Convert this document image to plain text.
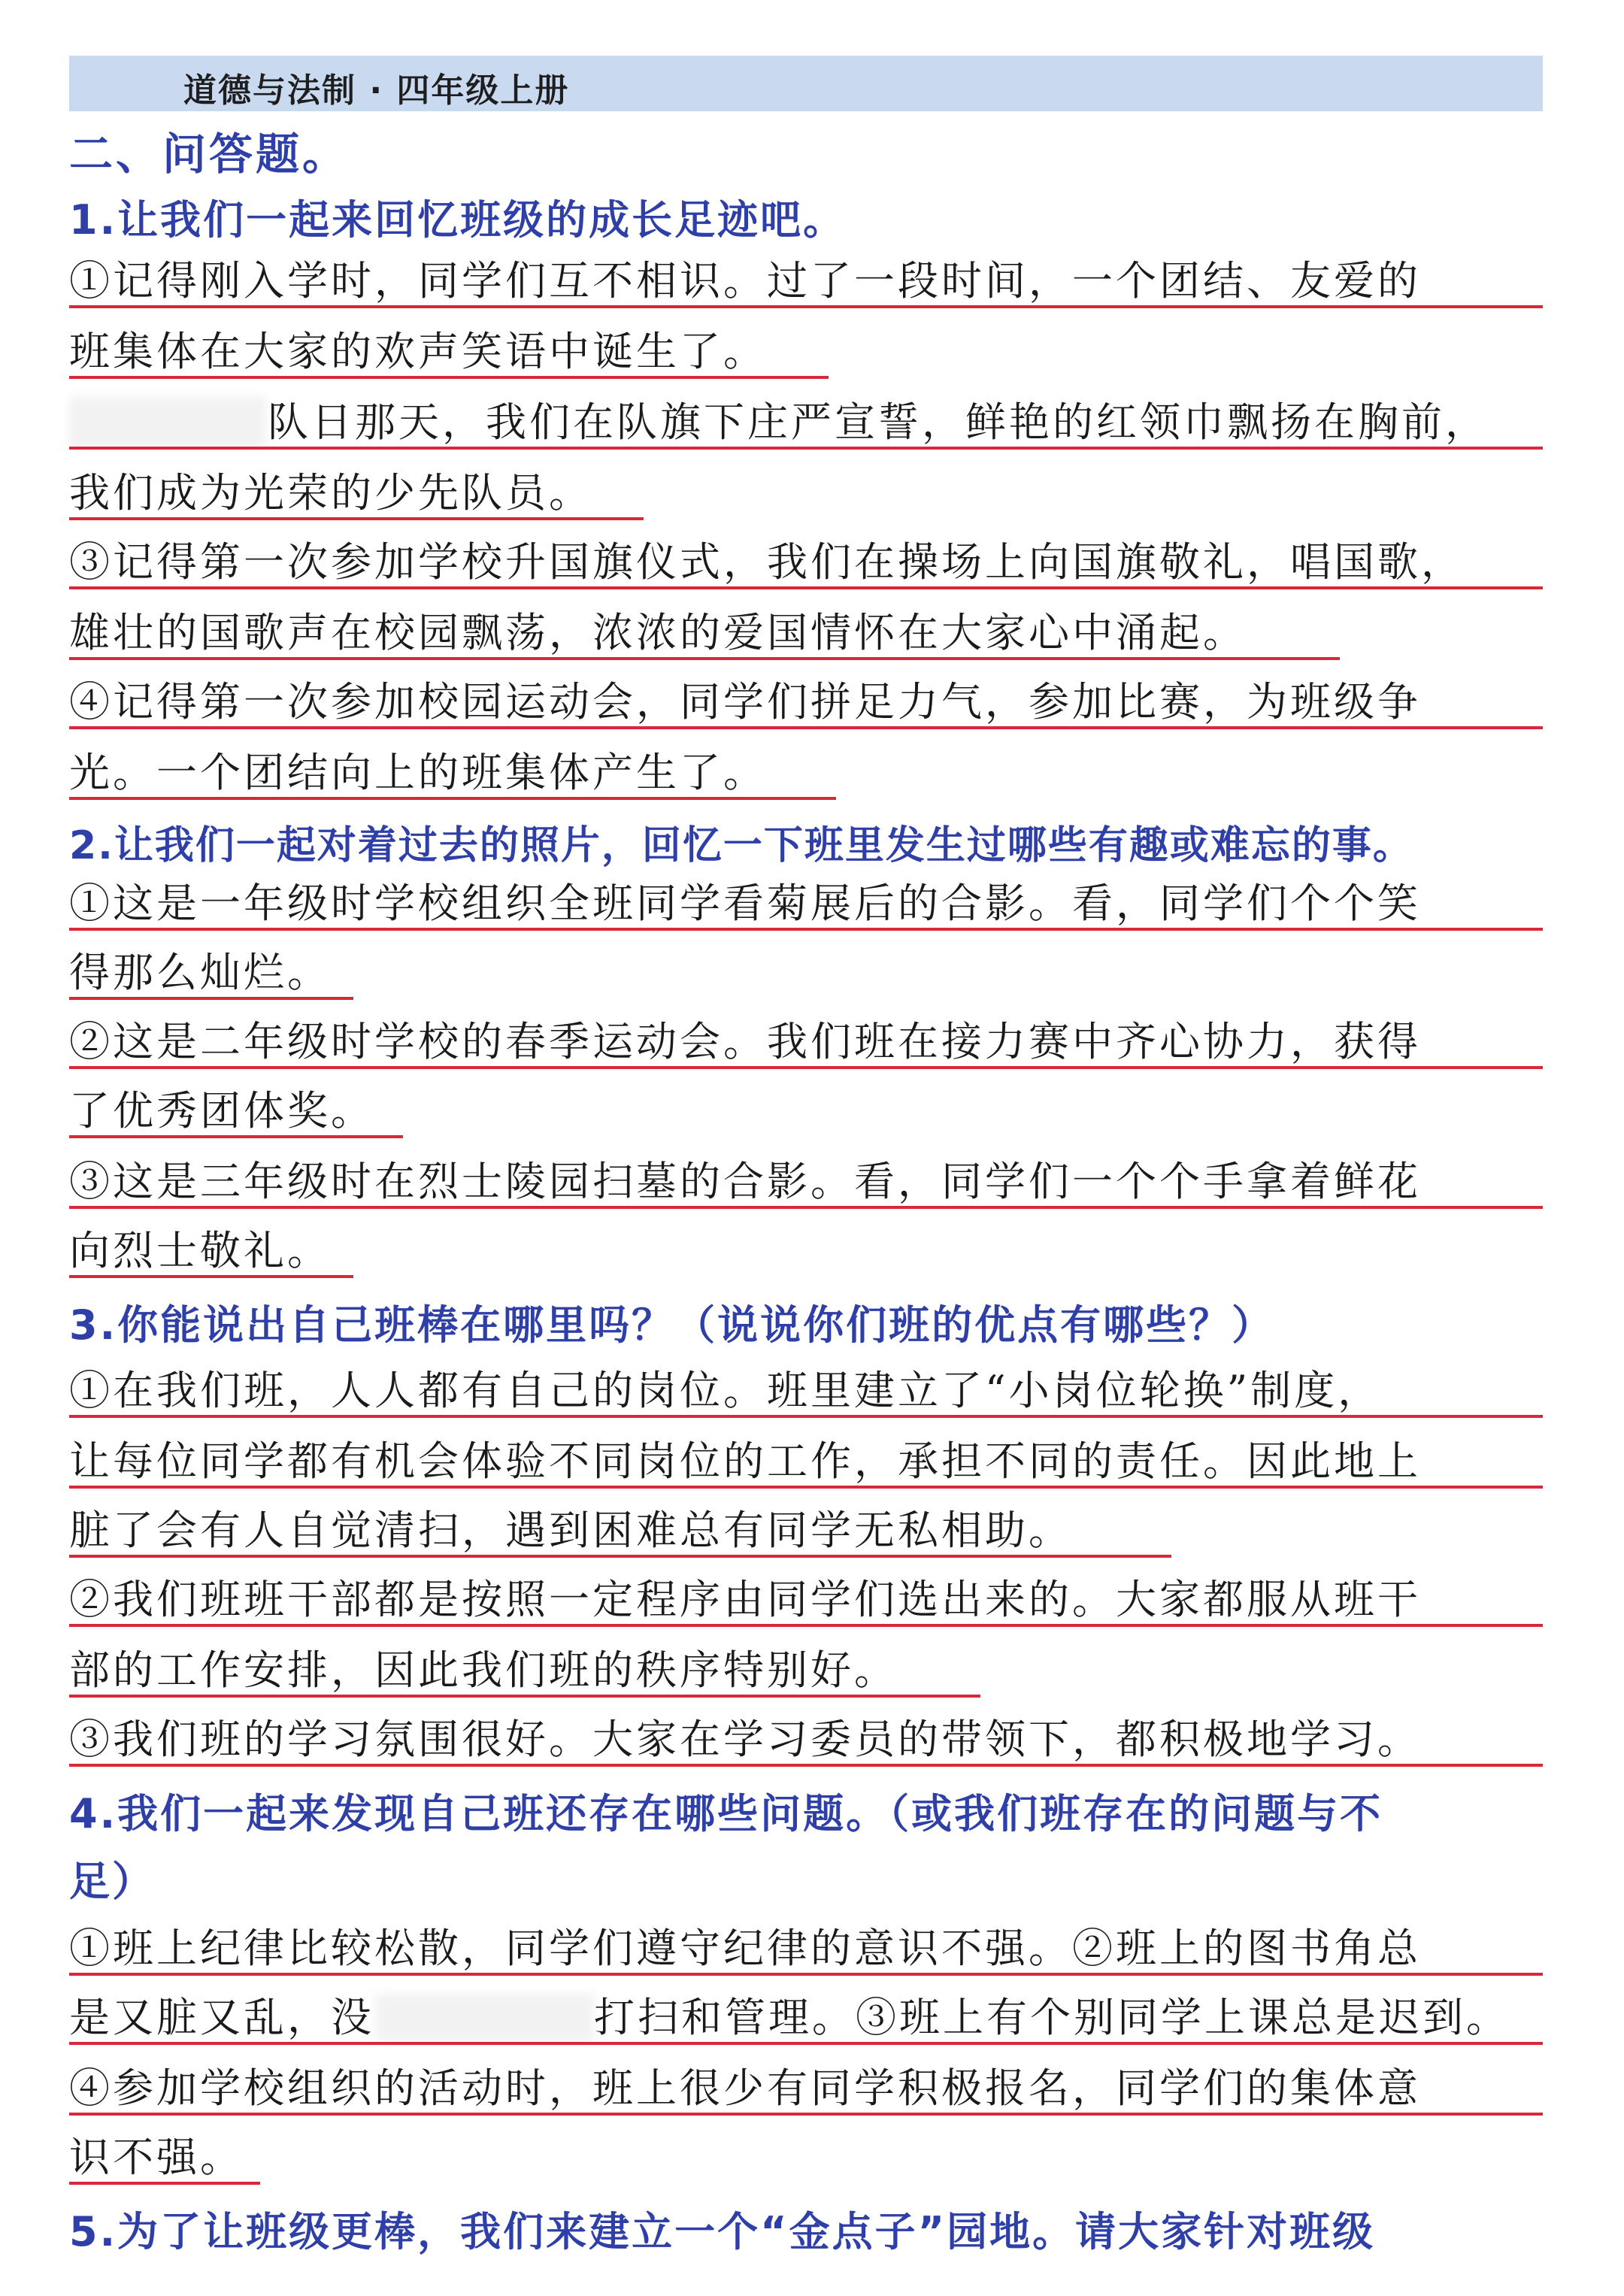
道德与法制 · 四年级上册
二、问答题。
1.让我们一起来回忆班级的成长足迹吧。
①记得刚入学时，同学们互不相识。过了一段时间，一个团结、友爱的
班集体在大家的欢声笑语中诞生了。
队日那天，我们在队旗下庄严宣誓，鲜艳的红领巾飘扬在胸前，
我们成为光荣的少先队员。
③记得第一次参加学校升国旗仪式，我们在操场上向国旗敬礼，唱国歌，
雄壮的国歌声在校园飘荡，浓浓的爱国情怀在大家心中涌起。
④记得第一次参加校园运动会，同学们拼足力气，参加比赛，为班级争
光。一个团结向上的班集体产生了。
2.让我们一起对着过去的照片，回忆一下班里发生过哪些有趣或难忘的事。
①这是一年级时学校组织全班同学看菊展后的合影。看，同学们个个笑
得那么灿烂。
②这是二年级时学校的春季运动会。我们班在接力赛中齐心协力，获得
了优秀团体奖。
③这是三年级时在烈士陵园扫墓的合影。看，同学们一个个手拿着鲜花
向烈士敬礼。
3.你能说出自己班棒在哪里吗？（说说你们班的优点有哪些？）
①在我们班，人人都有自己的岗位。班里建立了“小岗位轮换”制度，
让每位同学都有机会体验不同岗位的工作，承担不同的责任。因此地上
脏了会有人自觉清扫，遇到困难总有同学无私相助。
②我们班班干部都是按照一定程序由同学们选出来的。大家都服从班干
部的工作安排，因此我们班的秩序特别好。
③我们班的学习氛围很好。大家在学习委员的带领下，都积极地学习。
4.我们一起来发现自己班还存在哪些问题。（或我们班存在的问题与不
足）
①班上纪律比较松散，同学们遵守纪律的意识不强。②班上的图书角总
是又脏又乱，没	打扫和管理。③班上有个别同学上课总是迟到。
④参加学校组织的活动时，班上很少有同学积极报名，同学们的集体意
识不强。
5.为了让班级更棒，我们来建立一个“金点子”园地。请大家针对班级
